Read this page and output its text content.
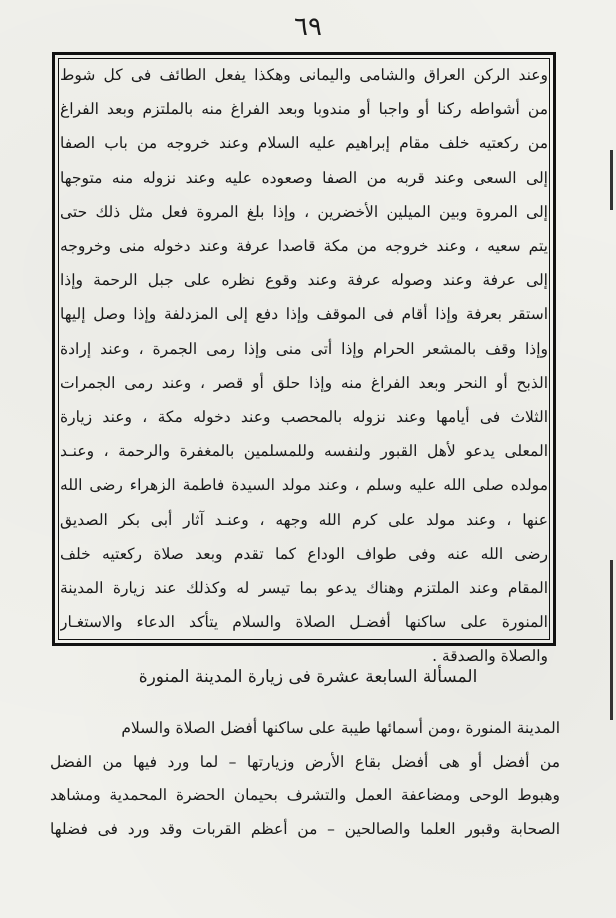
٦٩
وعند الركن العراق والشامى واليمانى وهكذا يفعل الطائف فى كل شوط
من أشواطه ركنا أو واجبا أو مندوبا وبعد الفراغ منه بالملتزم وبعد الفراغ
من ركعتيه خلف مقام إبراهيم عليه السلام وعند خروجه من باب الصفا
إلى السعى وعند قربه من الصفا وصعوده عليه وعند نزوله منه متوجها
إلى المروة وبين الميلين الأخضرين ، وإذا بلغ المروة فعل مثل ذلك حتى
يتم سعيه ، وعند خروجه من مكة قاصدا عرفة وعند دخوله منى وخروجه
إلى عرفة وعند وصوله عرفة وعند وقوع نظره على جبل الرحمة وإذا
استقر بعرفة وإذا أقام فى الموقف وإذا دفع إلى المزدلفة وإذا وصل إليها
وإذا وقف بالمشعر الحرام وإذا أتى منى وإذا رمى الجمرة ، وعند إرادة
الذبح أو النحر وبعد الفراغ منه وإذا حلق أو قصر ، وعند رمى الجمرات
الثلاث فى أيامها وعند نزوله بالمحصب وعند دخوله مكة ، وعند زيارة
المعلى يدعو لأهل القبور ولنفسه وللمسلمين بالمغفرة والرحمة ، وعنـد
مولده صلى الله عليه وسلم ، وعند مولد السيدة فاطمة الزهراء رضى الله
عنها ، وعند مولد على كرم الله وجهه ، وعنـد آثار أبى بكر الصديق
رضى الله عنه وفى طواف الوداع كما تقدم وبعد صلاة ركعتيه خلف
المقام وعند الملتزم وهناك يدعو بما تيسر له وكذلك عند زيارة المدينة
المنورة على ساكنها أفضـل الصلاة والسلام يتأكد الدعاء والاستغـار
والصلاة والصدقة .
المسألة السابعة عشرة فى زيارة المدينة المنورة
المدينة المنورة ،ومن أسمائها طيبة على ساكنها أفضل الصلاة والسلام
من أفضل أو هى أفضل بقاع الأرض وزيارتها – لما ورد فيها من الفضل
وهبوط الوحى ومضاعفة العمل والتشرف بحيمان الحضرة المحمدية ومشاهد
الصحابة وقبور العلما والصالحين – من أعظم القربات وقد ورد فى فضلها
